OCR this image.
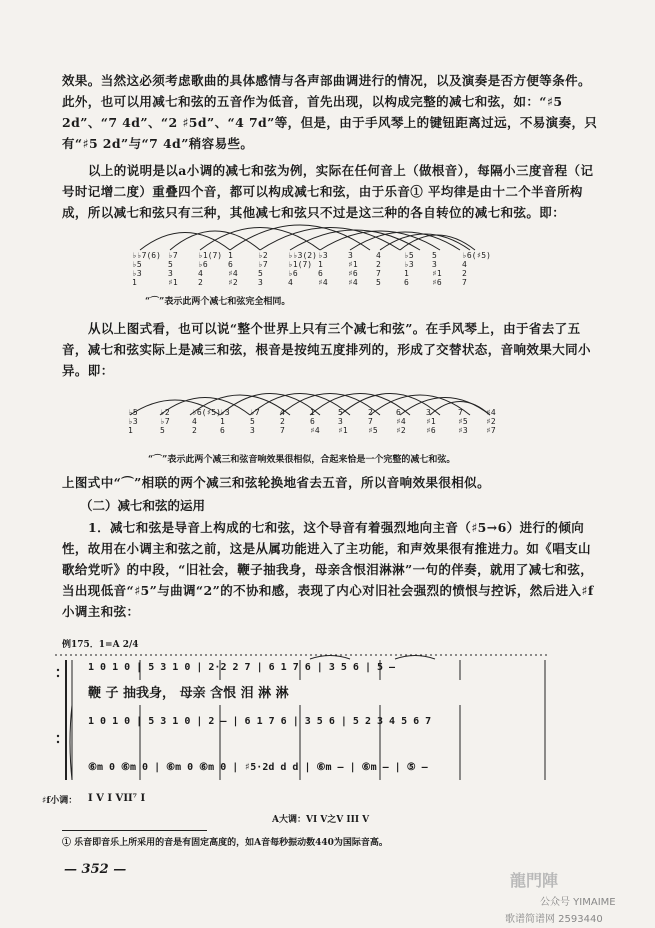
效果。当然这必须考虑歌曲的具体感情与各声部曲调进行的情况，以及演奏是否方便等条件。此外，也可以用减七和弦的五音作为低音，首先出现，以构成完整的减七和弦，如：“♯5 2d”、“7 4d”、“2 ♯5d”、“4 7d”等，但是，由于手风琴上的键钮距离过远，不易演奏，只有“♯5 2d”与“7 4d”稍容易些。

以上的说明是以a小调的减七和弦为例，实际在任何音上（做根音），每隔小三度音程（记号时记增二度）重叠四个音，都可以构成减七和弦，由于乐音① 平均律是由十二个半音所构成，所以减七和弦只有三种，其他减七和弦只不过是这三种的各自转位的减七和弦。即：

♭♭7(6)
♭5
♭3
1
♭7
5
3
♯1
♭1(7)
♭6
4
2
1
6
♯4
♯2
♭2
♭7
5
3
♭♭3(2)
♭1(7)
♭6
4
♭3
1
6
♯4
3
♯1
♯6
♯4
4
2
7
5
♭5
♭3
1
6
5
3
♯1
♯6
♭6(♯5)
4
2
7
“⌒”表示此两个减七和弦完全相同。

从以上图式看，也可以说“整个世界上只有三个减七和弦”。在手风琴上，由于省去了五音，减七和弦实际上是减三和弦，根音是按纯五度排列的，形成了交替状态，音响效果大同小异。即：

♭5
♭3
1
♭2
♭7
5
♭6(♯5)
4
2
♭3
1
6
♭7
5
3
4
2
7
1
6
♯4
5
3
♯1
2
7
♯5
6
♯4
♯2
3
♯1
♯6
7
♯5
♯3
♯4
♯2
♯7
“⌒”表示此两个减三和弦音响效果很相似，合起来恰是一个完整的减七和弦。

上图式中“⌒”相联的两个减三和弦轮换地省去五音，所以音响效果很相似。

（二）减七和弦的运用

1．减七和弦是导音上构成的七和弦，这个导音有着强烈地向主音（♯5→6）进行的倾向性，故用在小调主和弦之前，这是从属功能进入了主功能，和声效果很有推进力。如《唱支山歌给党听》的中段，“旧社会，鞭子抽我身，母亲含恨泪淋淋”一句的伴奏，就用了减七和弦，当出现低音“♯5”与曲调“2”的不协和感，表现了内心对旧社会强烈的愤恨与控诉，然后进入♯f小调主和弦：

例175．1=A 2/4
1 0 1 0 | 5 3 1 0 | 2·2 2 7 | 6 1 7 6 | 3 5 6 | 5 —
鞭 子 抽我身， 母亲 含恨 泪 淋 淋
1 0 1 0 | 5 3 1 0 | 2 — | 6 1 7 6 | 3 5 6 | 5 2 3 4 5 6 7
⑥m 0 ⑥m 0 | ⑥m 0 ⑥m 0 | ♯5·2d d d | ⑥m — | ⑥m — | ⑤ —
♯f小调： I V I VII⁷ I
A大调：VI V之V III V
① 乐音即音乐上所采用的音是有固定高度的，如A音每秒振动数440为国际音高。
— 352 —
龍門陣
公众号 YIMAIME
歌谱简谱网 2593440
